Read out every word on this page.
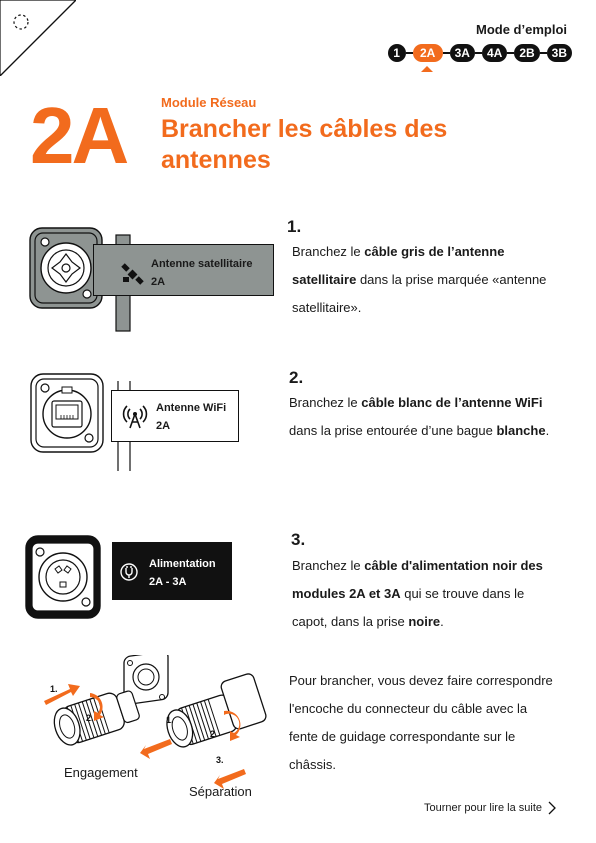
Mode d’emploi
1	2A	3A	4A	2B	3B
2A	Module Réseau
Brancher les câbles des antennes
Antenne satellitaire
2A
1.
Branchez le câble gris de l’antenne satellitaire dans la prise marquée «antenne satellitaire».
Antenne WiFi
2A
2.
Branchez le câble blanc de l’antenne WiFi dans la prise entourée d’une bague blanche.
Alimentation
2A - 3A
3.
Branchez le câble d'alimentation noir des modules 2A et 3A qui se trouve dans le capot, dans la prise noire.
1.
2.	1.
2.
3.
Engagement
Séparation
Pour brancher, vous devez faire correspondre l'encoche du connecteur du câble avec la fente de guidage correspondante sur le châssis.
Tourner pour lire la suite
